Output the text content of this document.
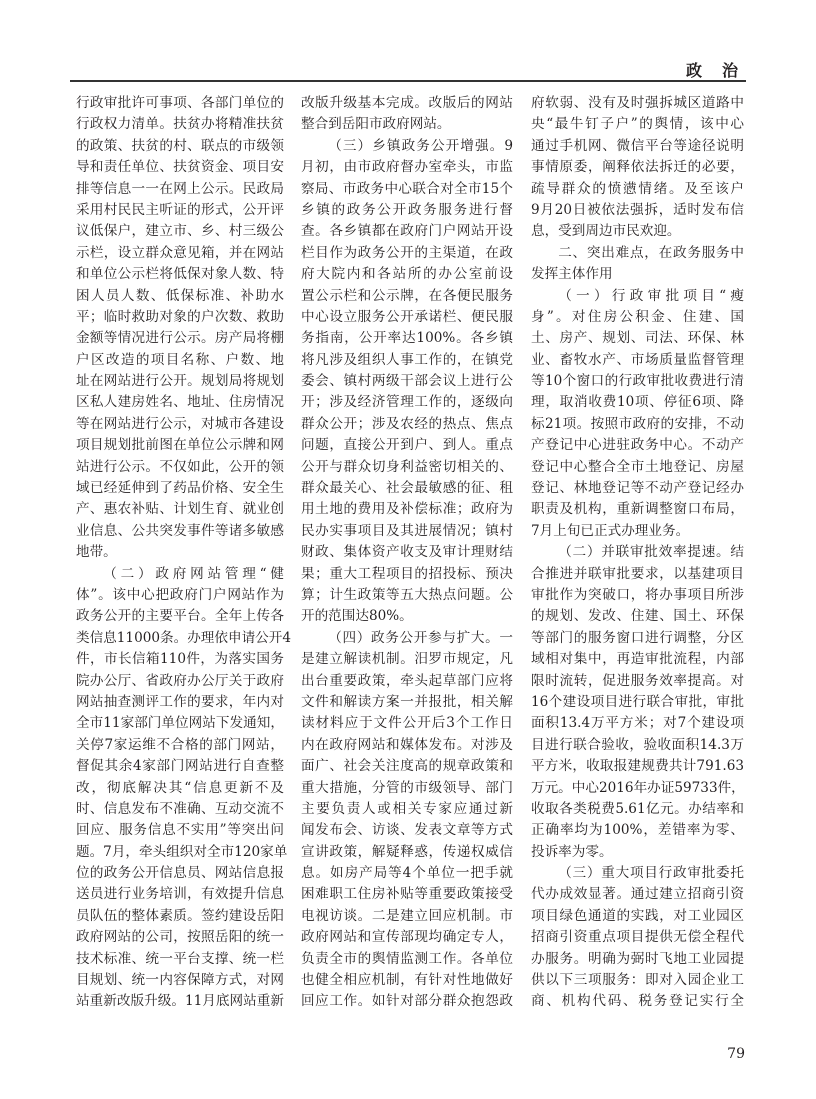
政　治
行政审批许可事项、各部门单位的
行政权力清单。扶贫办将精准扶贫
的政策、扶贫的村、联点的市级领
导和责任单位、扶贫资金、项目安
排等信息一一在网上公示。民政局
采用村民民主听证的形式，公开评
议低保户，建立市、乡、村三级公
示栏，设立群众意见箱，并在网站
和单位公示栏将低保对象人数、特
困人员人数、低保标准、补助水
平；临时救助对象的户次数、救助
金额等情况进行公示。房产局将棚
户区改造的项目名称、户数、地
址在网站进行公开。规划局将规划
区私人建房姓名、地址、住房情况
等在网站进行公示，对城市各建设
项目规划批前图在单位公示牌和网
站进行公示。不仅如此，公开的领
域已经延伸到了药品价格、安全生
产、惠农补贴、计划生育、就业创
业信息、公共突发事件等诸多敏感
地带。
（二）政府网站管理“健
体”。该中心把政府门户网站作为
政务公开的主要平台。全年上传各
类信息11000条。办理依申请公开4
件，市长信箱110件，为落实国务
院办公厅、省政府办公厅关于政府
网站抽查测评工作的要求，年内对
全市11家部门单位网站下发通知，
关停7家运维不合格的部门网站，
督促其余4家部门网站进行自查整
改，彻底解决其“信息更新不及
时、信息发布不准确、互动交流不
回应、服务信息不实用”等突出问
题。7月，牵头组织对全市120家单
位的政务公开信息员、网站信息报
送员进行业务培训，有效提升信息
员队伍的整体素质。签约建设岳阳
政府网站的公司，按照岳阳的统一
技术标准、统一平台支撑、统一栏
目规划、统一内容保障方式，对网
站重新改版升级。11月底网站重新
改版升级基本完成。改版后的网站
整合到岳阳市政府网站。
（三）乡镇政务公开增强。9
月初，由市政府督办室牵头，市监
察局、市政务中心联合对全市15个
乡镇的政务公开政务服务进行督
查。各乡镇都在政府门户网站开设
栏目作为政务公开的主渠道，在政
府大院内和各站所的办公室前设
置公示栏和公示牌，在各便民服务
中心设立服务公开承诺栏、便民服
务指南，公开率达100%。各乡镇
将凡涉及组织人事工作的，在镇党
委会、镇村两级干部会议上进行公
开；涉及经济管理工作的，逐级向
群众公开；涉及农经的热点、焦点
问题，直接公开到户、到人。重点
公开与群众切身利益密切相关的、
群众最关心、社会最敏感的征、租
用土地的费用及补偿标准；政府为
民办实事项目及其进展情况；镇村
财政、集体资产收支及审计理财结
果；重大工程项目的招投标、预决
算；计生政策等五大热点问题。公
开的范围达80%。
（四）政务公开参与扩大。一
是建立解读机制。汨罗市规定，凡
出台重要政策，牵头起草部门应将
文件和解读方案一并报批，相关解
读材料应于文件公开后3个工作日
内在政府网站和媒体发布。对涉及
面广、社会关注度高的规章政策和
重大措施，分管的市级领导、部门
主要负责人或相关专家应通过新
闻发布会、访谈、发表文章等方式
宣讲政策，解疑释惑，传递权威信
息。如房产局等4个单位一把手就
困难职工住房补贴等重要政策接受
电视访谈。二是建立回应机制。市
政府网站和宣传部现均确定专人，
负责全市的舆情监测工作。各单位
也健全相应机制，有针对性地做好
回应工作。如针对部分群众抱怨政
府软弱、没有及时强拆城区道路中
央“最牛钉子户”的舆情，该中心
通过手机网、微信平台等途径说明
事情原委，阐释依法拆迁的必要，
疏导群众的愤懑情绪。及至该户
9月20日被依法强拆，适时发布信
息，受到周边市民欢迎。
二、突出难点，在政务服务中
发挥主体作用
（一）行政审批项目“瘦
身”。对住房公积金、住建、国
土、房产、规划、司法、环保、林
业、畜牧水产、市场质量监督管理
等10个窗口的行政审批收费进行清
理，取消收费10项、停征6项、降
标21项。按照市政府的安排，不动
产登记中心进驻政务中心。不动产
登记中心整合全市土地登记、房屋
登记、林地登记等不动产登记经办
职责及机构，重新调整窗口布局，
7月上旬已正式办理业务。
（二）并联审批效率提速。结
合推进并联审批要求，以基建项目
审批作为突破口，将办事项目所涉
的规划、发改、住建、国土、环保
等部门的服务窗口进行调整，分区
域相对集中，再造审批流程，内部
限时流转，促进服务效率提高。对
16个建设项目进行联合审批，审批
面积13.4万平方米；对7个建设项
目进行联合验收，验收面积14.3万
平方米，收取报建规费共计791.63
万元。中心2016年办证59733件，
收取各类税费5.61亿元。办结率和
正确率均为100%，差错率为零、
投诉率为零。
（三）重大项目行政审批委托
代办成效显著。通过建立招商引资
项目绿色通道的实践，对工业园区
招商引资重点项目提供无偿全程代
办服务。明确为弼时飞地工业园提
供以下三项服务：即对入园企业工
商、机构代码、税务登记实行全
79
